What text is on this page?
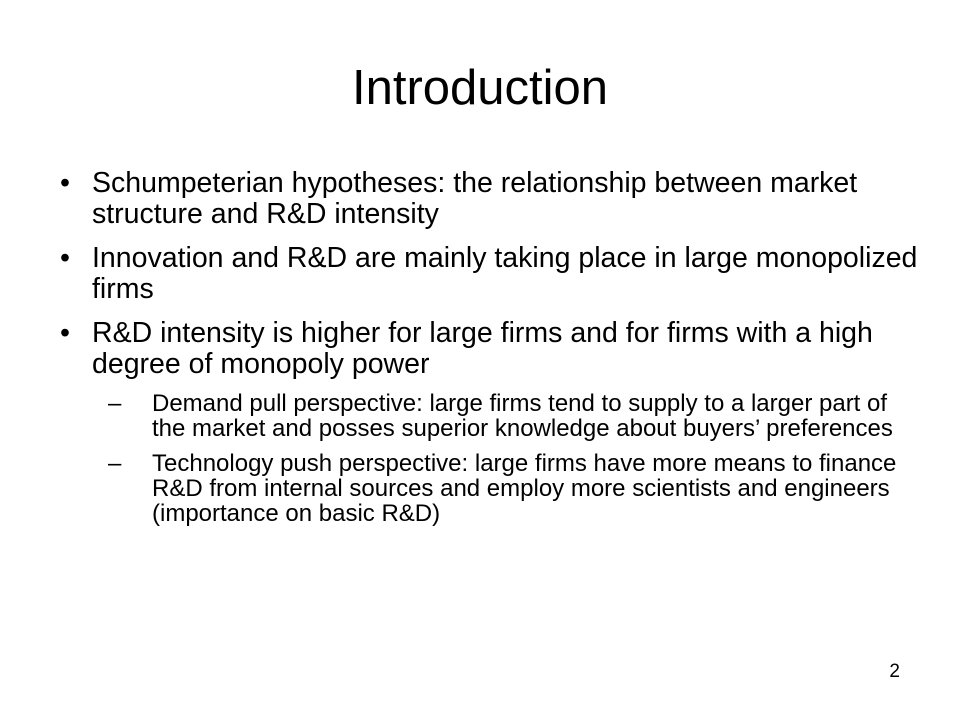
Introduction
• Schumpeterian hypotheses: the relationship between market structure and R&D intensity
• Innovation and R&D are mainly taking place in large monopolized firms
• R&D intensity is higher for large firms and for firms with a high degree of monopoly power
– Demand pull perspective: large firms tend to supply to a larger part of the market and posses superior knowledge about buyers’ preferences
– Technology push perspective: large firms have more means to finance R&D from internal sources and employ more scientists and engineers (importance on basic R&D)
2
